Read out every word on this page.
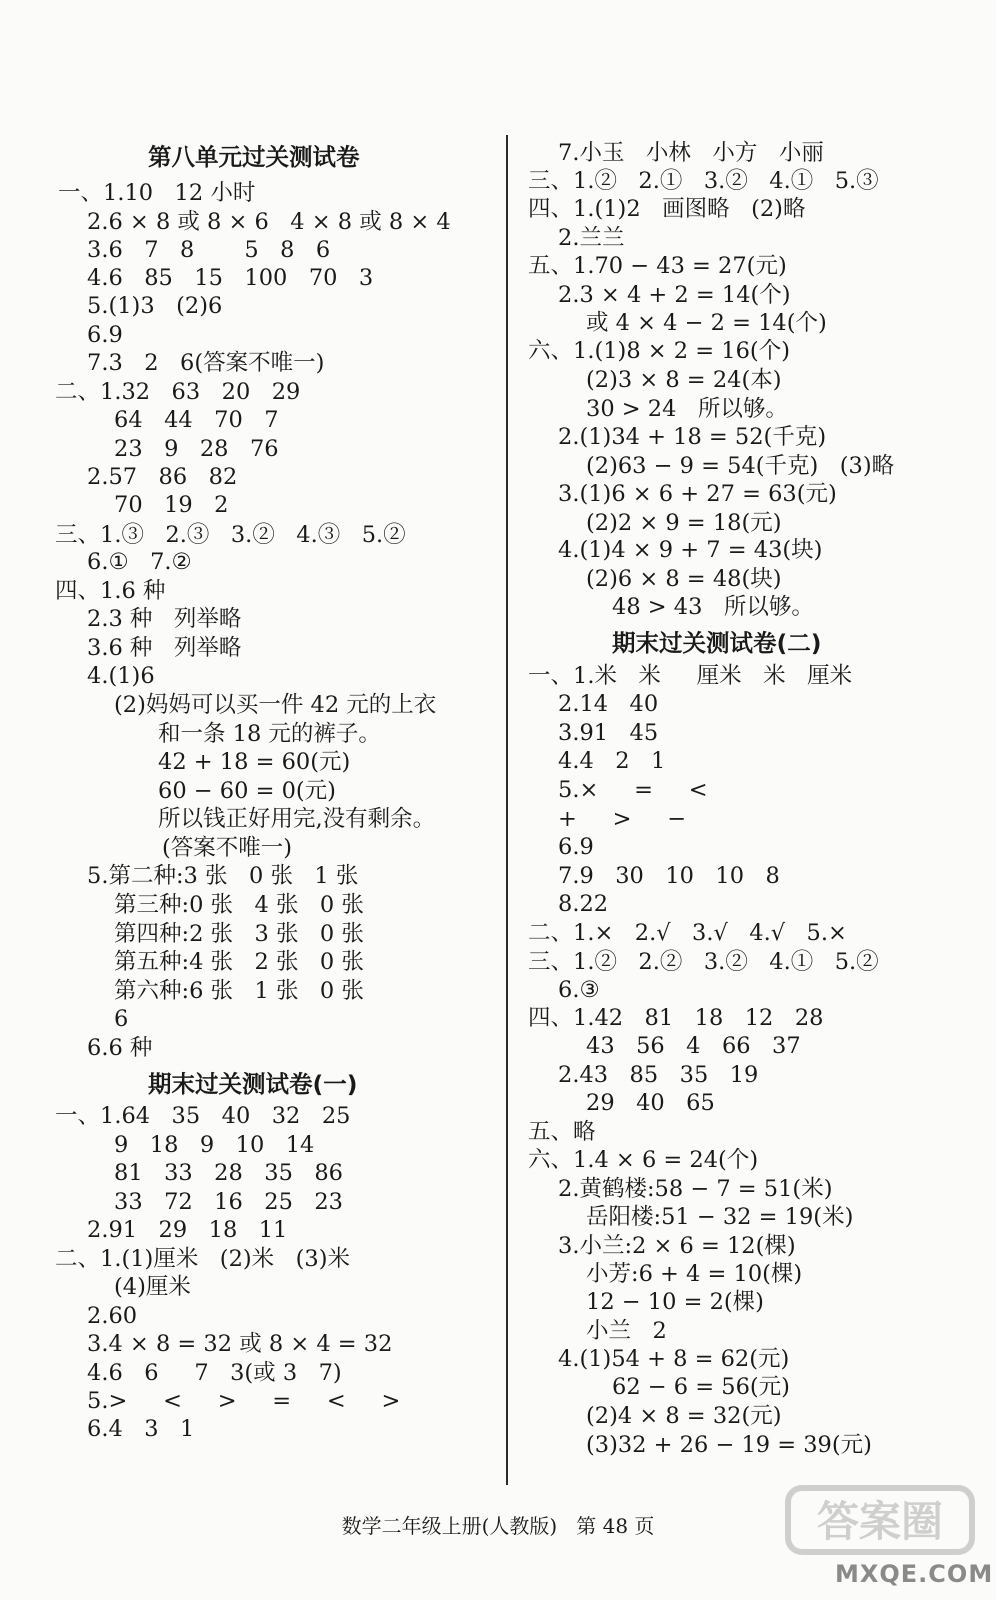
第八单元过关测试卷
一、1.10   12 小时
2.6 × 8 或 8 × 6   4 × 8 或 8 × 4
3.6   7   8       5   8   6
4.6   85   15   100   70   3
5.(1)3   (2)6
6.9
7.3   2   6(答案不唯一)
二、1.32   63   20   29
64   44   70   7
23   9   28   76
2.57   86   82
70   19   2
三、1.③   2.③   3.②   4.③   5.②
6.①   7.②
四、1.6 种
2.3 种   列举略
3.6 种   列举略
4.(1)6
(2)妈妈可以买一件 42 元的上衣
和一条 18 元的裤子。
42 + 18 = 60(元)
60 − 60 = 0(元)
所以钱正好用完,没有剩余。
(答案不唯一)
5.第二种:3 张   0 张   1 张
第三种:0 张   4 张   0 张
第四种:2 张   3 张   0 张
第五种:4 张   2 张   0 张
第六种:6 张   1 张   0 张
6
6.6 种
期末过关测试卷(一)
一、1.64   35   40   32   25
9   18   9   10   14
81   33   28   35   86
33   72   16   25   23
2.91   29   18   11
二、1.(1)厘米   (2)米   (3)米
(4)厘米
2.60
3.4 × 8 = 32 或 8 × 4 = 32
4.6   6     7   3(或 3   7)
5.>     <     >     =     <     >
6.4   3   1
7.小玉   小林   小方   小丽
三、1.②   2.①   3.②   4.①   5.③
四、1.(1)2   画图略   (2)略
2.兰兰
五、1.70 − 43 = 27(元)
2.3 × 4 + 2 = 14(个)
或 4 × 4 − 2 = 14(个)
六、1.(1)8 × 2 = 16(个)
(2)3 × 8 = 24(本)
30 > 24   所以够。
2.(1)34 + 18 = 52(千克)
(2)63 − 9 = 54(千克)   (3)略
3.(1)6 × 6 + 27 = 63(元)
(2)2 × 9 = 18(元)
4.(1)4 × 9 + 7 = 43(块)
(2)6 × 8 = 48(块)
48 > 43   所以够。
期末过关测试卷(二)
一、1.米   米     厘米   米   厘米
2.14   40
3.91   45
4.4   2   1
5.×     =     <
+     >     −
6.9
7.9   30   10   10   8
8.22
二、1.×   2.√   3.√   4.√   5.×
三、1.②   2.②   3.②   4.①   5.②
6.③
四、1.42   81   18   12   28
43   56   4   66   37
2.43   85   35   19
29   40   65
五、略
六、1.4 × 6 = 24(个)
2.黄鹤楼:58 − 7 = 51(米)
岳阳楼:51 − 32 = 19(米)
3.小兰:2 × 6 = 12(棵)
小芳:6 + 4 = 10(棵)
12 − 10 = 2(棵)
小兰   2
4.(1)54 + 8 = 62(元)
62 − 6 = 56(元)
(2)4 × 8 = 32(元)
(3)32 + 26 − 19 = 39(元)
数学二年级上册(人教版)   第 48 页	答案圈
MXQE.COM
